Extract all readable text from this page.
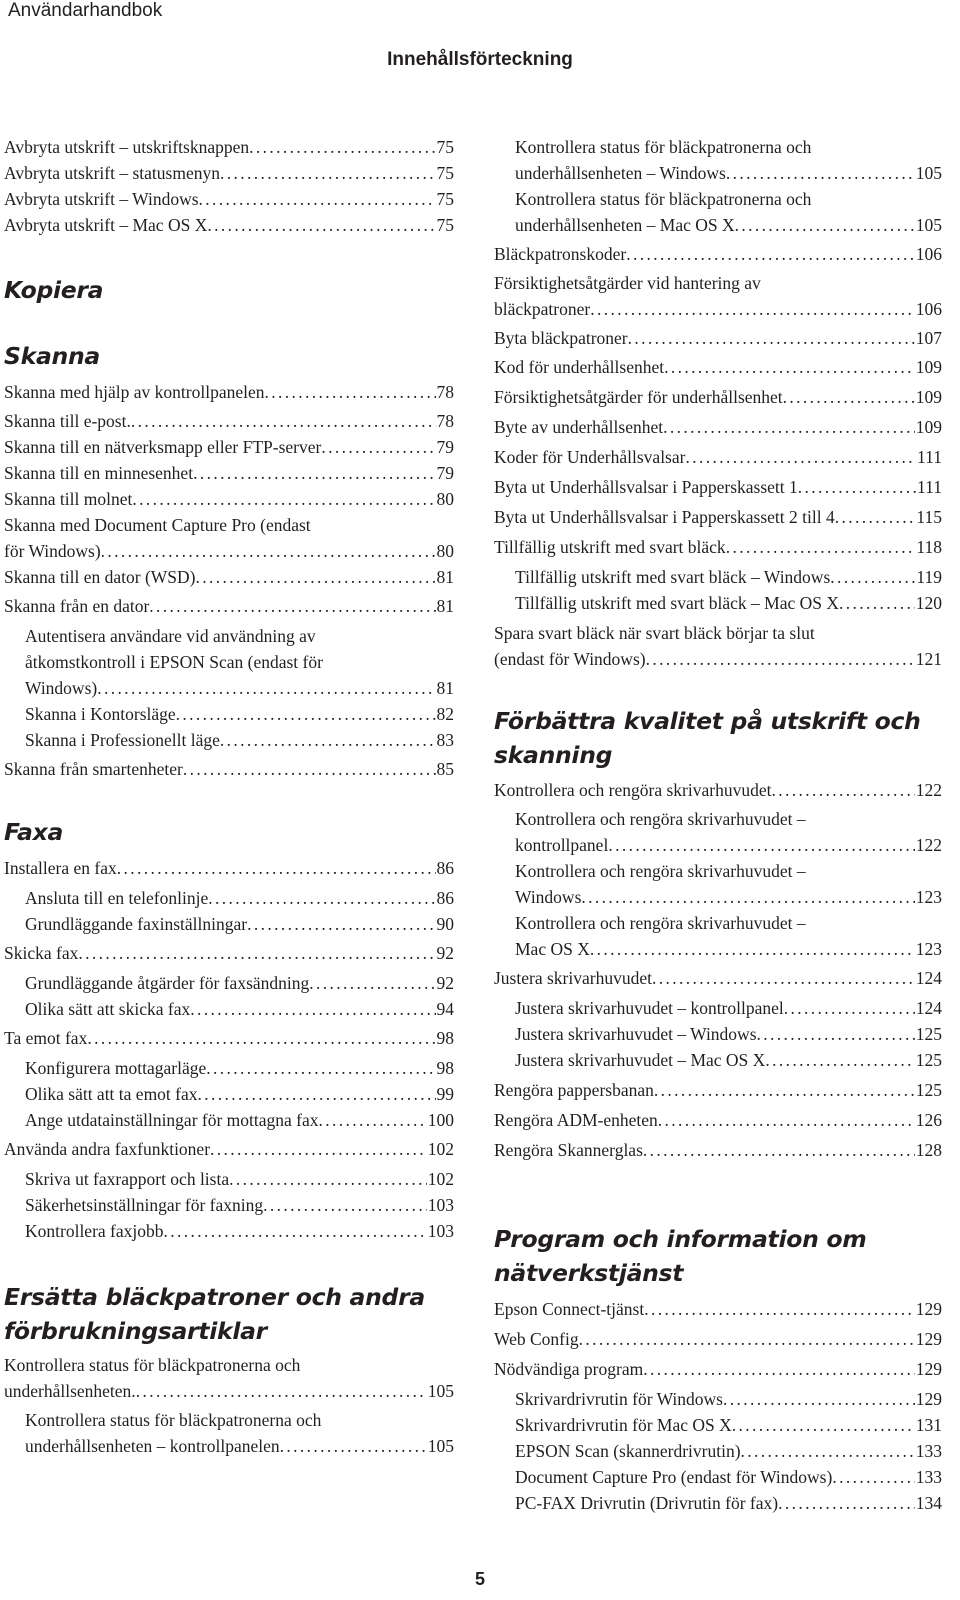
Användarhandbok
Innehållsförteckning
Avbryta utskrift – utskriftsknappen . . .	75
Avbryta utskrift – statusmenyn . . .	75
Avbryta utskrift – Windows . . .	75
Avbryta utskrift – Mac OS X . . .	75
Kopiera
Skanna
Skanna med hjälp av kontrollpanelen . . .	78
Skanna till e-post. . . .	78
Skanna till en nätverksmapp eller FTP-server . . .	79
Skanna till en minnesenhet . . .	79
Skanna till molnet . . .	80
Skanna med Document Capture Pro (endast
för Windows) . . .	80
Skanna till en dator (WSD) . . .	81
Skanna från en dator . . .	81
Autentisera användare vid användning av
åtkomstkontroll i EPSON Scan (endast för
Windows) . . .	81
Skanna i Kontorsläge . . .	82
Skanna i Professionellt läge . . .	83
Skanna från smartenheter . . .	85
Faxa
Installera en fax . . .	86
Ansluta till en telefonlinje . . .	86
Grundläggande faxinställningar . . .	90
Skicka fax . . .	92
Grundläggande åtgärder för faxsändning . . .	92
Olika sätt att skicka fax . . .	94
Ta emot fax . . .	98
Konfigurera mottagarläge . . .	98
Olika sätt att ta emot fax . . .	99
Ange utdatainställningar för mottagna fax . . .	100
Använda andra faxfunktioner . . .	102
Skriva ut faxrapport och lista . . .	102
Säkerhetsinställningar för faxning . . .	103
Kontrollera faxjobb . . .	103
Ersätta bläckpatroner och andra
förbrukningsartiklar
Kontrollera status för bläckpatronerna och
underhållsenheten. . . .	105
Kontrollera status för bläckpatronerna och
underhållsenheten – kontrollpanelen . . .	105
Kontrollera status för bläckpatronerna och
underhållsenheten – Windows . . .	105
Kontrollera status för bläckpatronerna och
underhållsenheten – Mac OS X . . .	105
Bläckpatronskoder . . .	106
Försiktighetsåtgärder vid hantering av
bläckpatroner . . .	106
Byta bläckpatroner . . .	107
Kod för underhållsenhet . . .	109
Försiktighetsåtgärder för underhållsenhet . . .	109
Byte av underhållsenhet . . .	109
Koder för Underhållsvalsar . . .	111
Byta ut Underhållsvalsar i Papperskassett 1 . . .	111
Byta ut Underhållsvalsar i Papperskassett 2 till 4 . . .	115
Tillfällig utskrift med svart bläck . . .	118
Tillfällig utskrift med svart bläck – Windows . . .	119
Tillfällig utskrift med svart bläck – Mac OS X . . .	120
Spara svart bläck när svart bläck börjar ta slut
(endast för Windows) . . .	121
Förbättra kvalitet på utskrift och
skanning
Kontrollera och rengöra skrivarhuvudet . . .	122
Kontrollera och rengöra skrivarhuvudet –
kontrollpanel . . .	122
Kontrollera och rengöra skrivarhuvudet –
Windows . . .	123
Kontrollera och rengöra skrivarhuvudet –
Mac OS X . . .	123
Justera skrivarhuvudet . . .	124
Justera skrivarhuvudet – kontrollpanel . . .	124
Justera skrivarhuvudet – Windows . . .	125
Justera skrivarhuvudet – Mac OS X . . .	125
Rengöra pappersbanan . . .	125
Rengöra ADM-enheten . . .	126
Rengöra Skannerglas . . .	128
Program och information om
nätverkstjänst
Epson Connect-tjänst . . .	129
Web Config . . .	129
Nödvändiga program . . .	129
Skrivardrivrutin för Windows . . .	129
Skrivardrivrutin för Mac OS X . . .	131
EPSON Scan (skannerdrivrutin) . . .	133
Document Capture Pro (endast för Windows) . . .	133
PC-FAX Drivrutin (Drivrutin för fax) . . .	134
5
